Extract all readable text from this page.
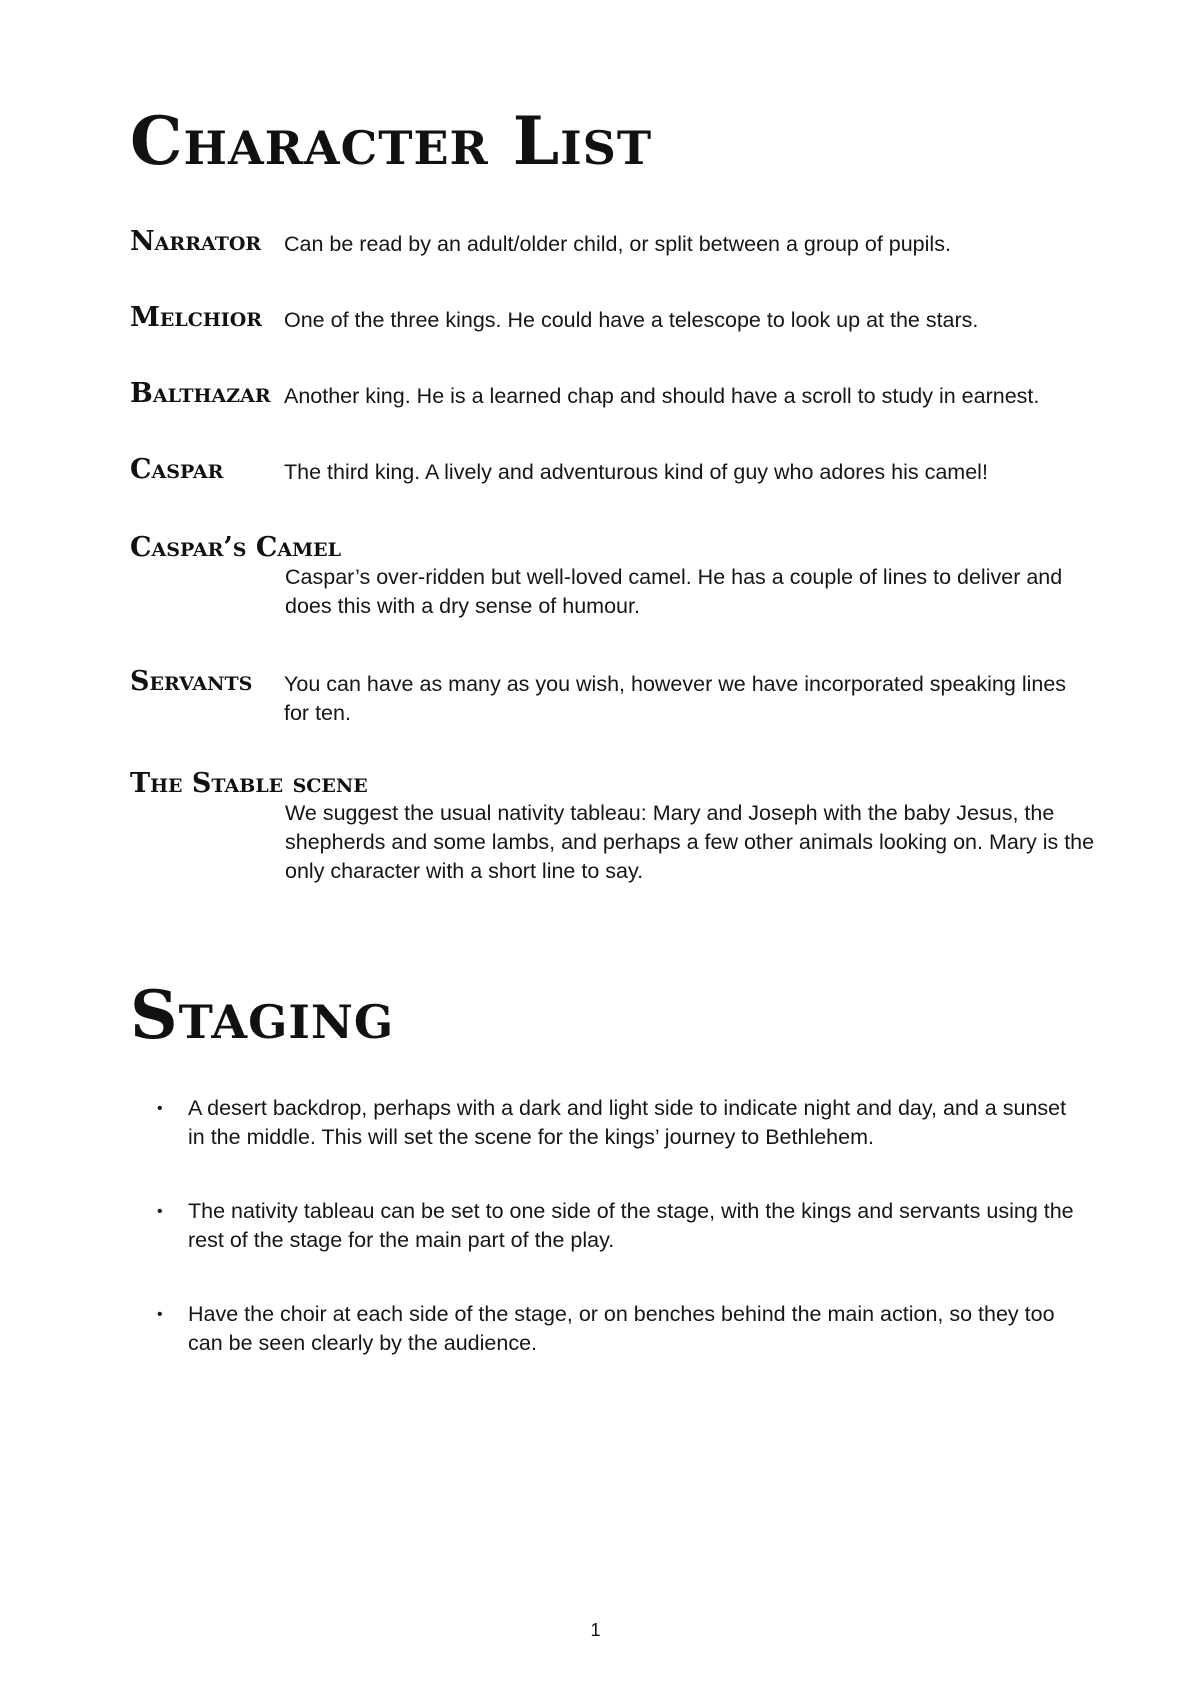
Character List
Narrator Can be read by an adult/older child, or split between a group of pupils.
Melchior One of the three kings. He could have a telescope to look up at the stars.
Balthazar Another king. He is a learned chap and should have a scroll to study in earnest.
Caspar	The third king. A lively and adventurous kind of guy who adores his camel!
Caspar’s Camel
Caspar’s over-ridden but well-loved camel. He has a couple of lines to deliver and does this with a dry sense of humour.
Servants You can have as many as you wish, however we have incorporated speaking lines for ten.
The Stable scene
We suggest the usual nativity tableau: Mary and Joseph with the baby Jesus, the shepherds and some lambs, and perhaps a few other animals looking on. Mary is the only character with a short line to say.
Staging
• A desert backdrop, perhaps with a dark and light side to indicate night and day, and a sunset in the middle. This will set the scene for the kings’ journey to Bethlehem.
• The nativity tableau can be set to one side of the stage, with the kings and servants using the rest of the stage for the main part of the play.
• Have the choir at each side of the stage, or on benches behind the main action, so they too can be seen clearly by the audience.
1
